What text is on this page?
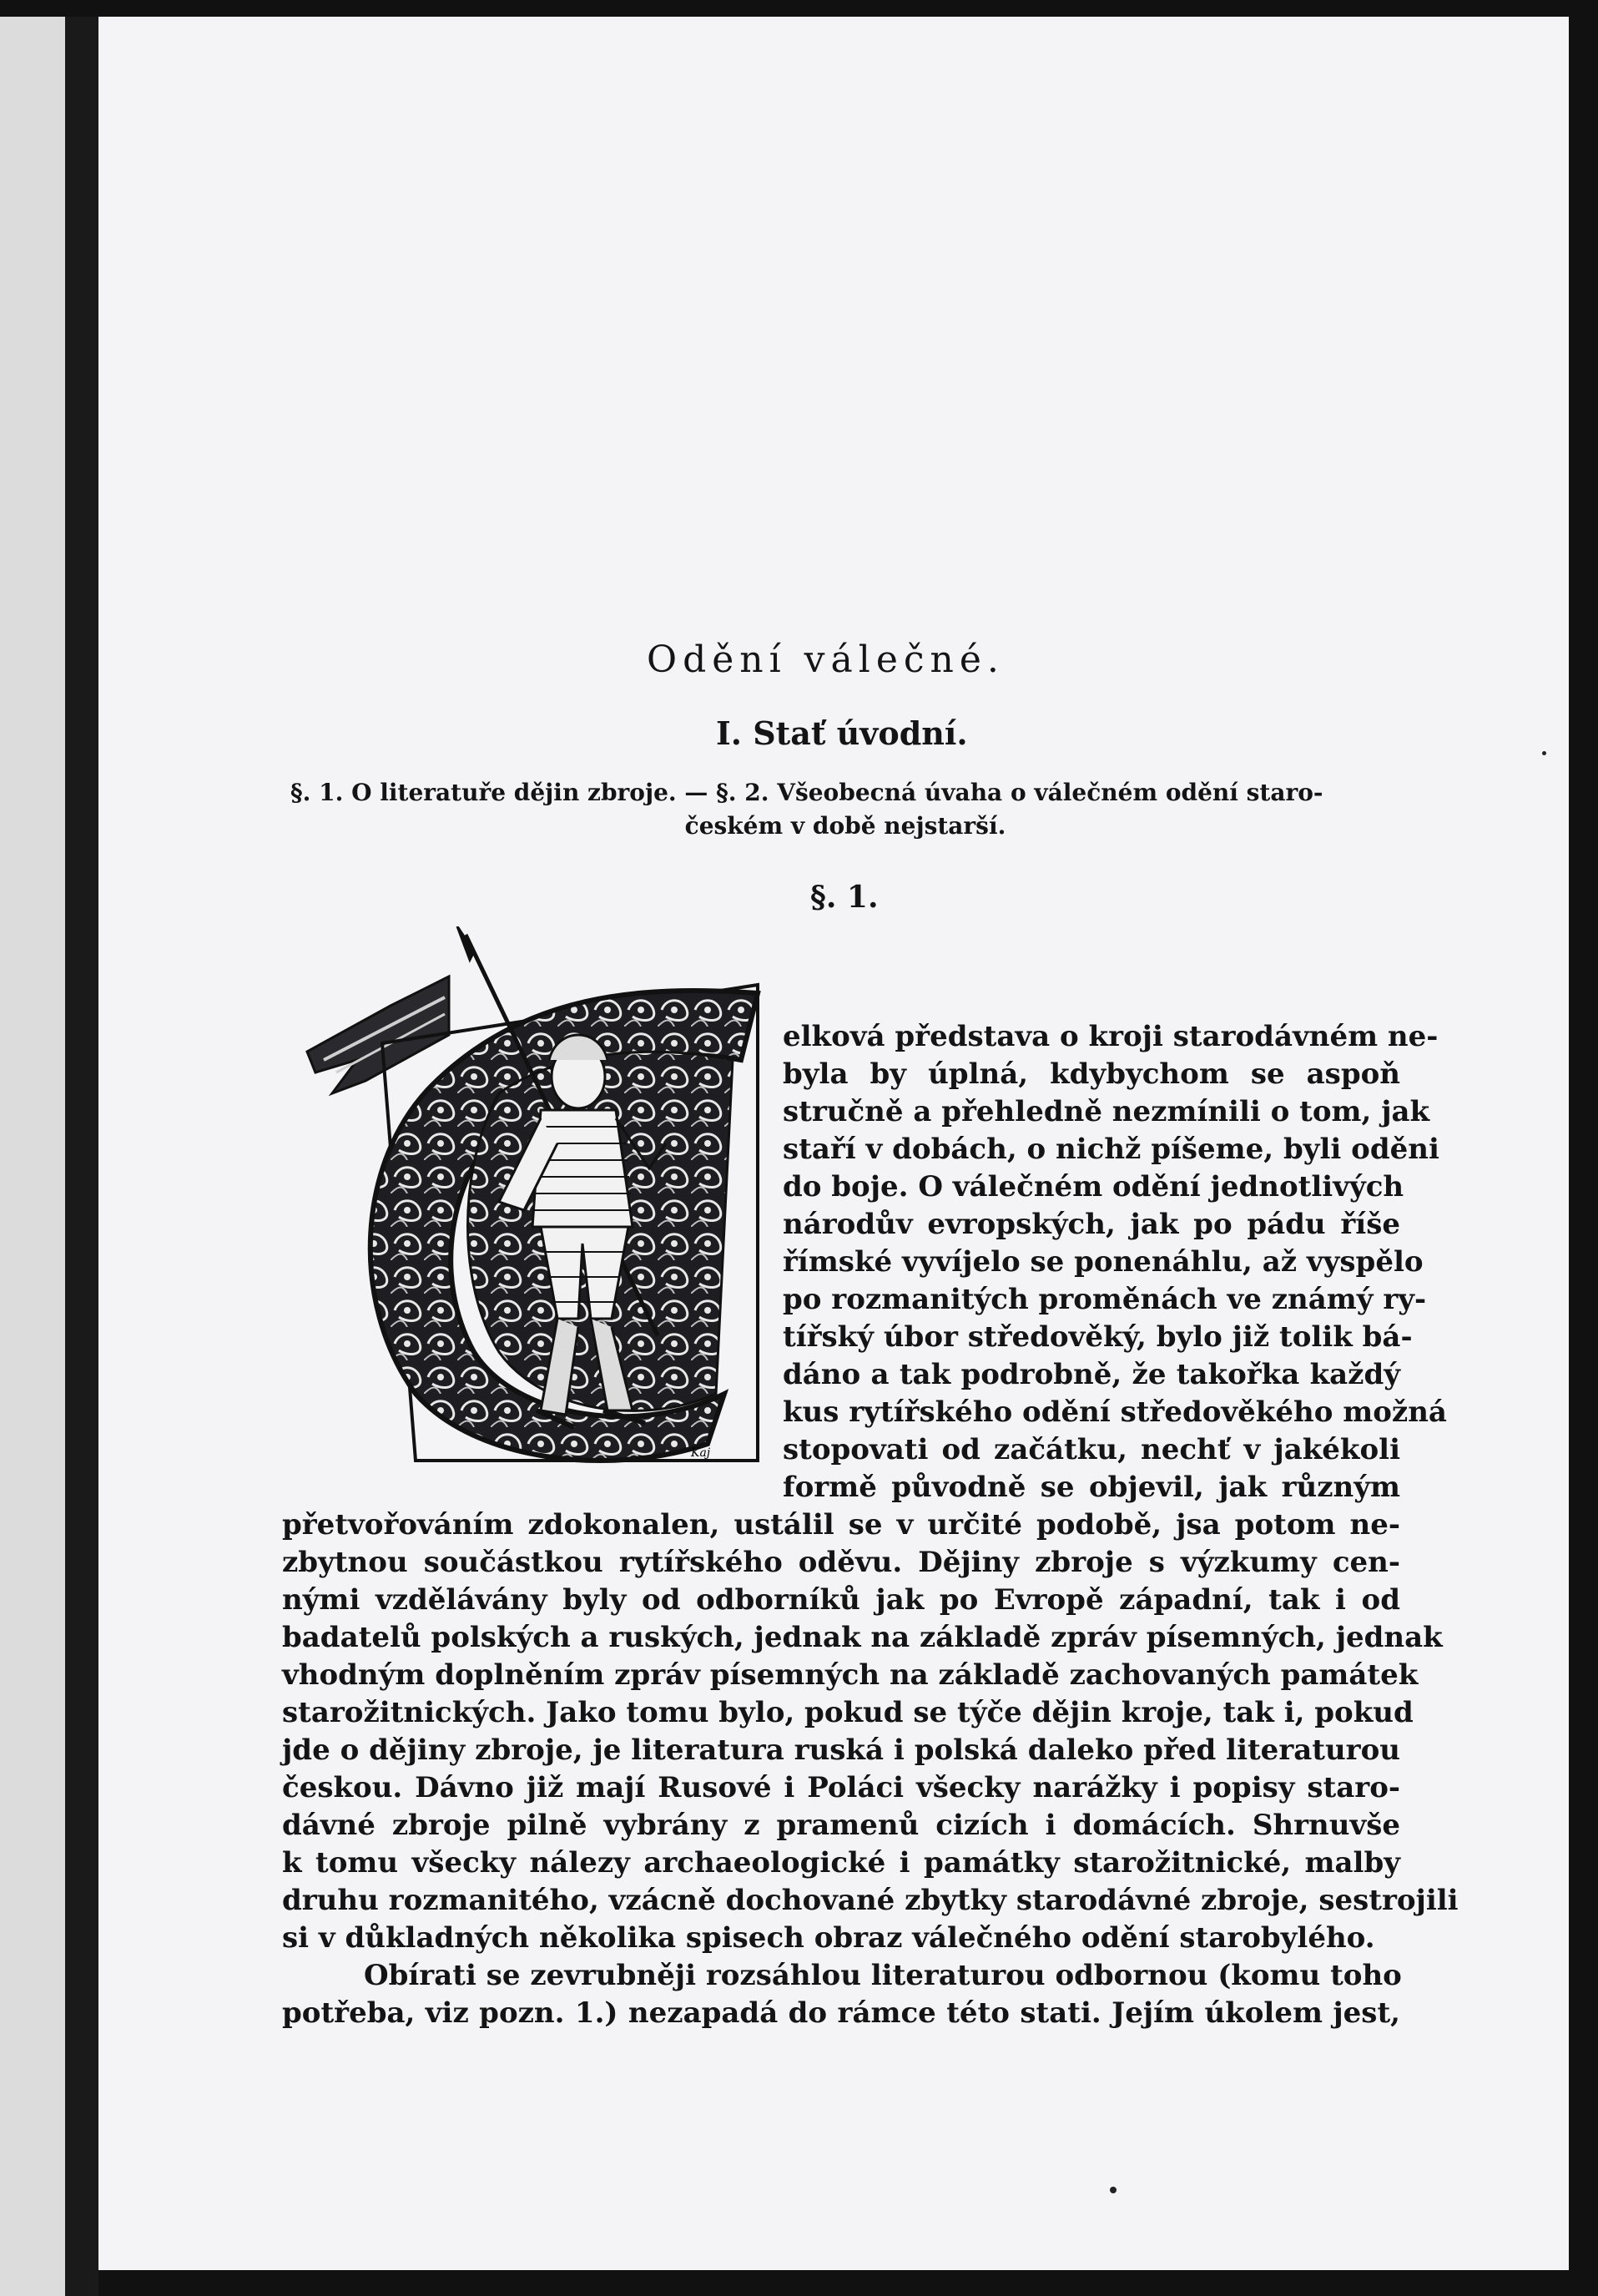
Odění válečné.
I. Stať úvodní.
§. 1. O literatuře dějin zbroje. — §. 2. Všeobecná úvaha o válečném odění staro-
českém v době nejstarší.
§. 1.
Kaj
elková představa o kroji starodávném ne-
byla by úplná, kdybychom se aspoň
stručně a přehledně nezmínili o tom, jak
staří v dobách, o nichž píšeme, byli oděni
do boje. O válečném odění jednotlivých
národův evropských, jak po pádu říše
římské vyvíjelo se ponenáhlu, až vyspělo
po rozmanitých proměnách ve známý ry-
tířský úbor středověký, bylo již tolik bá-
dáno a tak podrobně, že takořka každý
kus rytířského odění středověkého možná
stopovati od začátku, nechť v jakékoli
formě původně se objevil, jak různým
přetvořováním zdokonalen, ustálil se v určité podobě, jsa potom ne-
zbytnou součástkou rytířského oděvu. Dějiny zbroje s výzkumy cen-
nými vzdělávány byly od odborníků jak po Evropě západní, tak i od
badatelů polských a ruských, jednak na základě zpráv písemných, jednak
vhodným doplněním zpráv písemných na základě zachovaných památek
starožitnických. Jako tomu bylo, pokud se týče dějin kroje, tak i, pokud
jde o dějiny zbroje, je literatura ruská i polská daleko před literaturou
českou. Dávno již mají Rusové i Poláci všecky narážky i popisy staro-
dávné zbroje pilně vybrány z pramenů cizích i domácích. Shrnuvše
k tomu všecky nálezy archaeologické i památky starožitnické, malby
druhu rozmanitého, vzácně dochované zbytky starodávné zbroje, sestrojili
si v důkladných několika spisech obraz válečného odění starobylého.
Obírati se zevrubněji rozsáhlou literaturou odbornou (komu toho
potřeba, viz pozn. 1.) nezapadá do rámce této stati. Jejím úkolem jest,
